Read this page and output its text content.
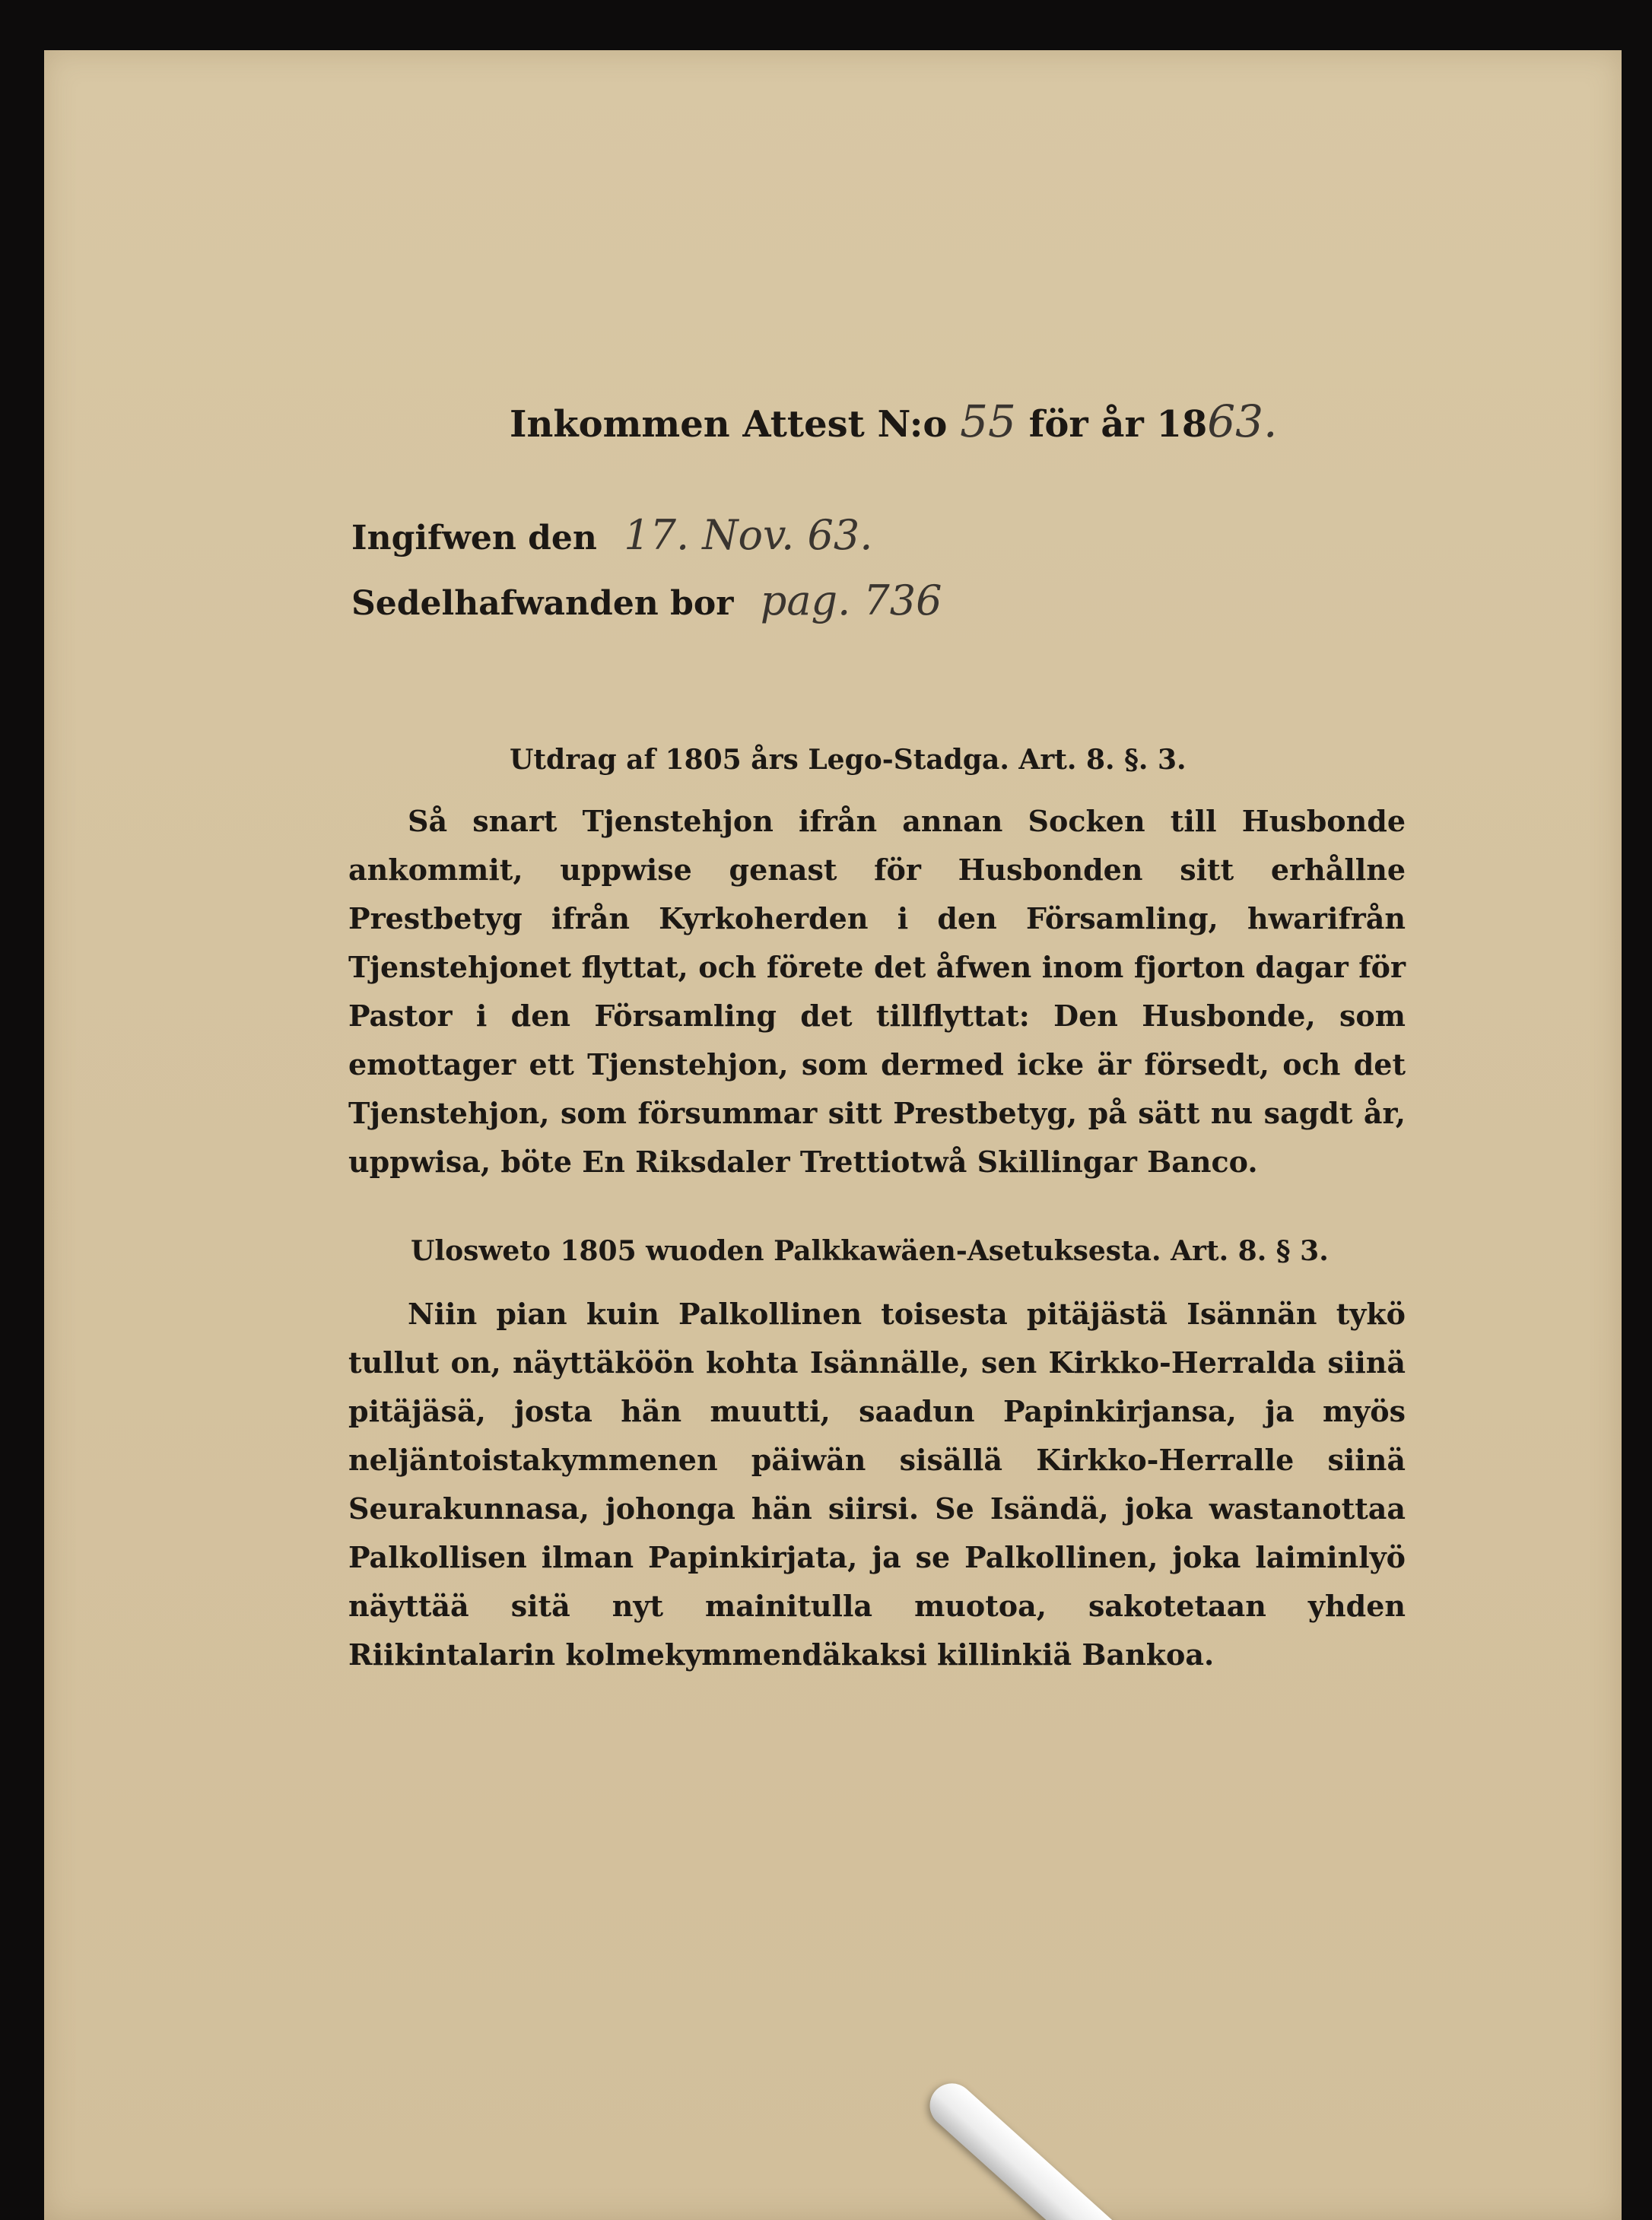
Inkommen Attest N:o 55 för år 1863.
Ingifwen den 17. Nov. 63.
Sedelhafwanden bor pag. 736
Utdrag af 1805 års Lego-Stadga. Art. 8. §. 3.
Så snart Tjenstehjon ifrån annan Socken till Husbonde ankommit, uppwise genast för Husbonden sitt erhållne Prestbetyg ifrån Kyrkoherden i den Församling, hwarifrån Tjenstehjonet flyttat, och förete det åfwen inom fjorton dagar för Pastor i den Församling det tillflyttat: Den Husbonde, som emottager ett Tjenstehjon, som dermed icke är försedt, och det Tjenstehjon, som försummar sitt Prestbetyg, på sätt nu sagdt år, uppwisa, böte En Riksdaler Trettiotwå Skillingar Banco.
Ulosweto 1805 wuoden Palkkawäen-Asetuksesta. Art. 8. § 3.
Niin pian kuin Palkollinen toisesta pitäjästä Isännän tykö tullut on, näyttäköön kohta Isännälle, sen Kirkko-Herralda siinä pitäjäsä, josta hän muutti, saadun Papinkirjansa, ja myös neljäntoistakymmenen päiwän sisällä Kirkko-Herralle siinä Seurakunnasa, johonga hän siirsi. Se Isändä, joka wastanottaa Palkollisen ilman Papinkirjata, ja se Palkollinen, joka laiminlyö näyttää sitä nyt mainitulla muotoa, sakotetaan yhden Riikintalarin kolmekymmendäkaksi killinkiä Bankoa.
